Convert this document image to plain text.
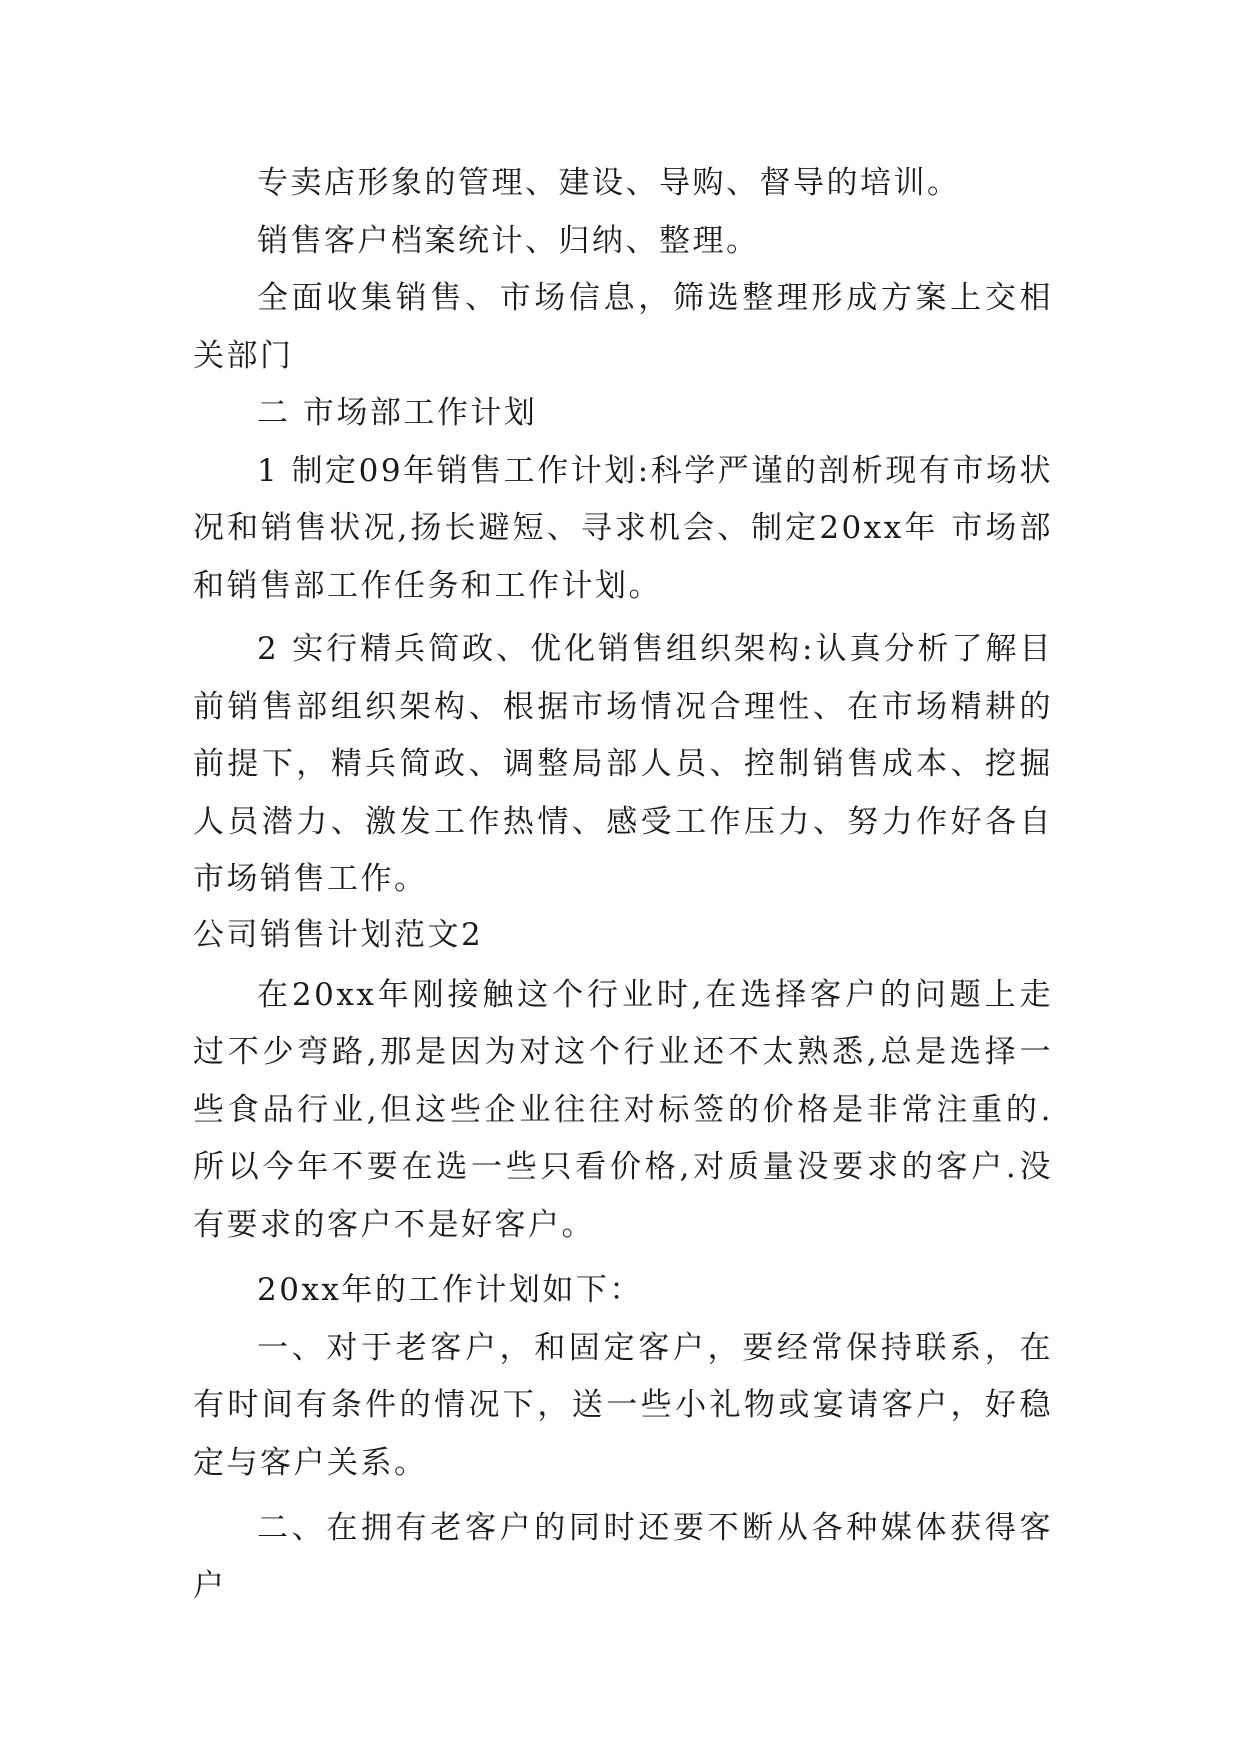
专卖店形象的管理、建设、导购、督导的培训。

销售客户档案统计、归纳、整理。

全面收集销售、市场信息，筛选整理形成方案上交相关部门

二 市场部工作计划

1 制定09年销售工作计划:科学严谨的剖析现有市场状况和销售状况,扬长避短、寻求机会、制定20xx年 市场部和销售部工作任务和工作计划。

2 实行精兵简政、优化销售组织架构:认真分析了解目前销售部组织架构、根据市场情况合理性、在市场精耕的前提下，精兵简政、调整局部人员、控制销售成本、挖掘人员潜力、激发工作热情、感受工作压力、努力作好各自市场销售工作。

公司销售计划范文2

在20xx年刚接触这个行业时,在选择客户的问题上走过不少弯路,那是因为对这个行业还不太熟悉,总是选择一些食品行业,但这些企业往往对标签的价格是非常注重的.所以今年不要在选一些只看价格,对质量没要求的客户.没有要求的客户不是好客户。

20xx年的工作计划如下：

一、对于老客户，和固定客户，要经常保持联系，在有时间有条件的情况下，送一些小礼物或宴请客户，好稳定与客户关系。

二、在拥有老客户的同时还要不断从各种媒体获得客户
